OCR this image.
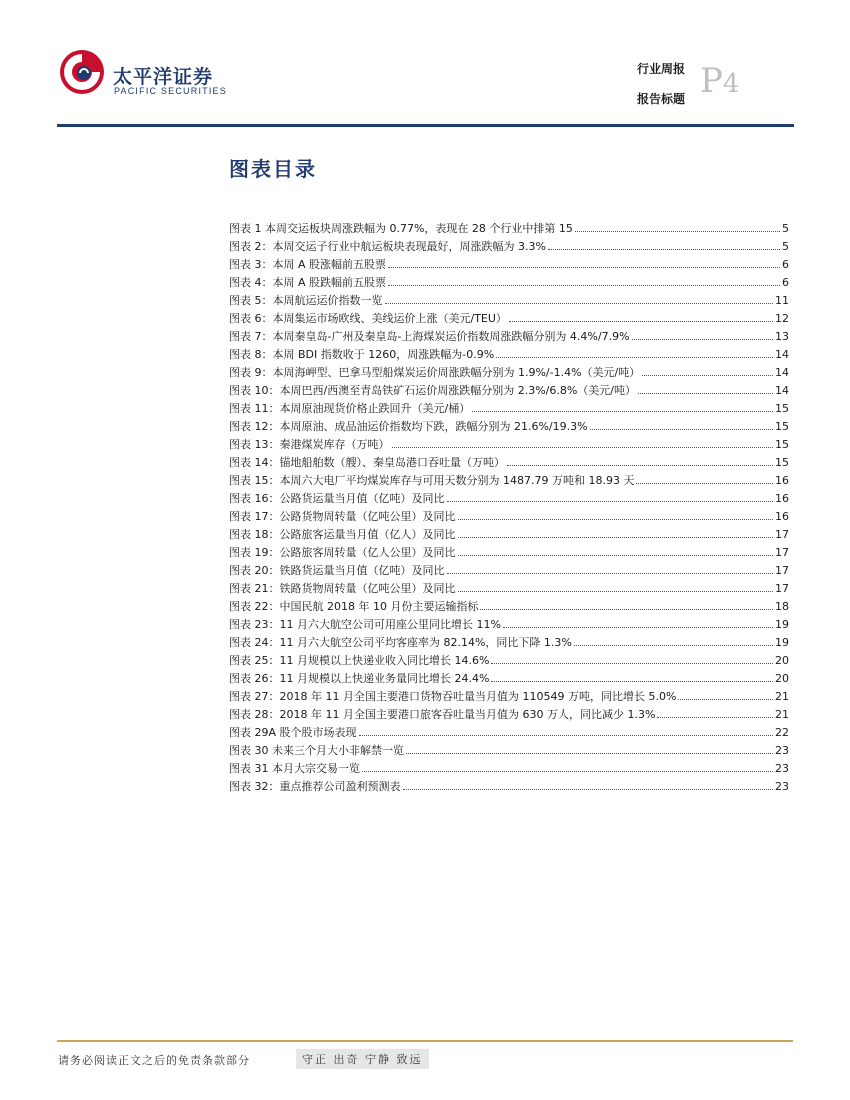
太平洋证券
PACIFIC SECURITIES
行业周报
报告标题 P4
图表目录
图表 1 本周交运板块周涨跌幅为 0.77%，表现在 28 个行业中排第 15	5
图表 2：本周交运子行业中航运板块表现最好，周涨跌幅为 3.3%	5
图表 3：本周 A 股涨幅前五股票	6
图表 4：本周 A 股跌幅前五股票	6
图表 5：本周航运运价指数一览	11
图表 6：本周集运市场欧线、美线运价上涨（美元/TEU）	12
图表 7：本周秦皇岛-广州及秦皇岛-上海煤炭运价指数周涨跌幅分别为 4.4%/7.9%	13
图表 8：本周 BDI 指数收于 1260，周涨跌幅为-0.9%	14
图表 9：本周海岬型、巴拿马型船煤炭运价周涨跌幅分别为 1.9%/-1.4%（美元/吨）	14
图表 10：本周巴西/西澳至青岛铁矿石运价周涨跌幅分别为 2.3%/6.8%（美元/吨）	14
图表 11：本周原油现货价格止跌回升（美元/桶）	15
图表 12：本周原油、成品油运价指数均下跌，跌幅分别为 21.6%/19.3%	15
图表 13：秦港煤炭库存（万吨）	15
图表 14：锚地船舶数（艘）、秦皇岛港口吞吐量（万吨）	15
图表 15：本周六大电厂平均煤炭库存与可用天数分别为 1487.79 万吨和 18.93 天	16
图表 16：公路货运量当月值（亿吨）及同比	16
图表 17：公路货物周转量（亿吨公里）及同比	16
图表 18：公路旅客运量当月值（亿人）及同比	17
图表 19：公路旅客周转量（亿人公里）及同比	17
图表 20：铁路货运量当月值（亿吨）及同比	17
图表 21：铁路货物周转量（亿吨公里）及同比	17
图表 22：中国民航 2018 年 10 月份主要运输指标	18
图表 23：11 月六大航空公司可用座公里同比增长 11%	19
图表 24：11 月六大航空公司平均客座率为 82.14%，同比下降 1.3%	19
图表 25：11 月规模以上快递业收入同比增长 14.6%	20
图表 26：11 月规模以上快递业务量同比增长 24.4%	20
图表 27：2018 年 11 月全国主要港口货物吞吐量当月值为 110549 万吨，同比增长 5.0%	21
图表 28：2018 年 11 月全国主要港口旅客吞吐量当月值为 630 万人，同比减少 1.3%	21
图表 29A 股个股市场表现	22
图表 30 未来三个月大小非解禁一览	23
图表 31 本月大宗交易一览	23
图表 32：重点推荐公司盈利预测表	23
请务必阅读正文之后的免责条款部分	守正 出奇 宁静 致远
